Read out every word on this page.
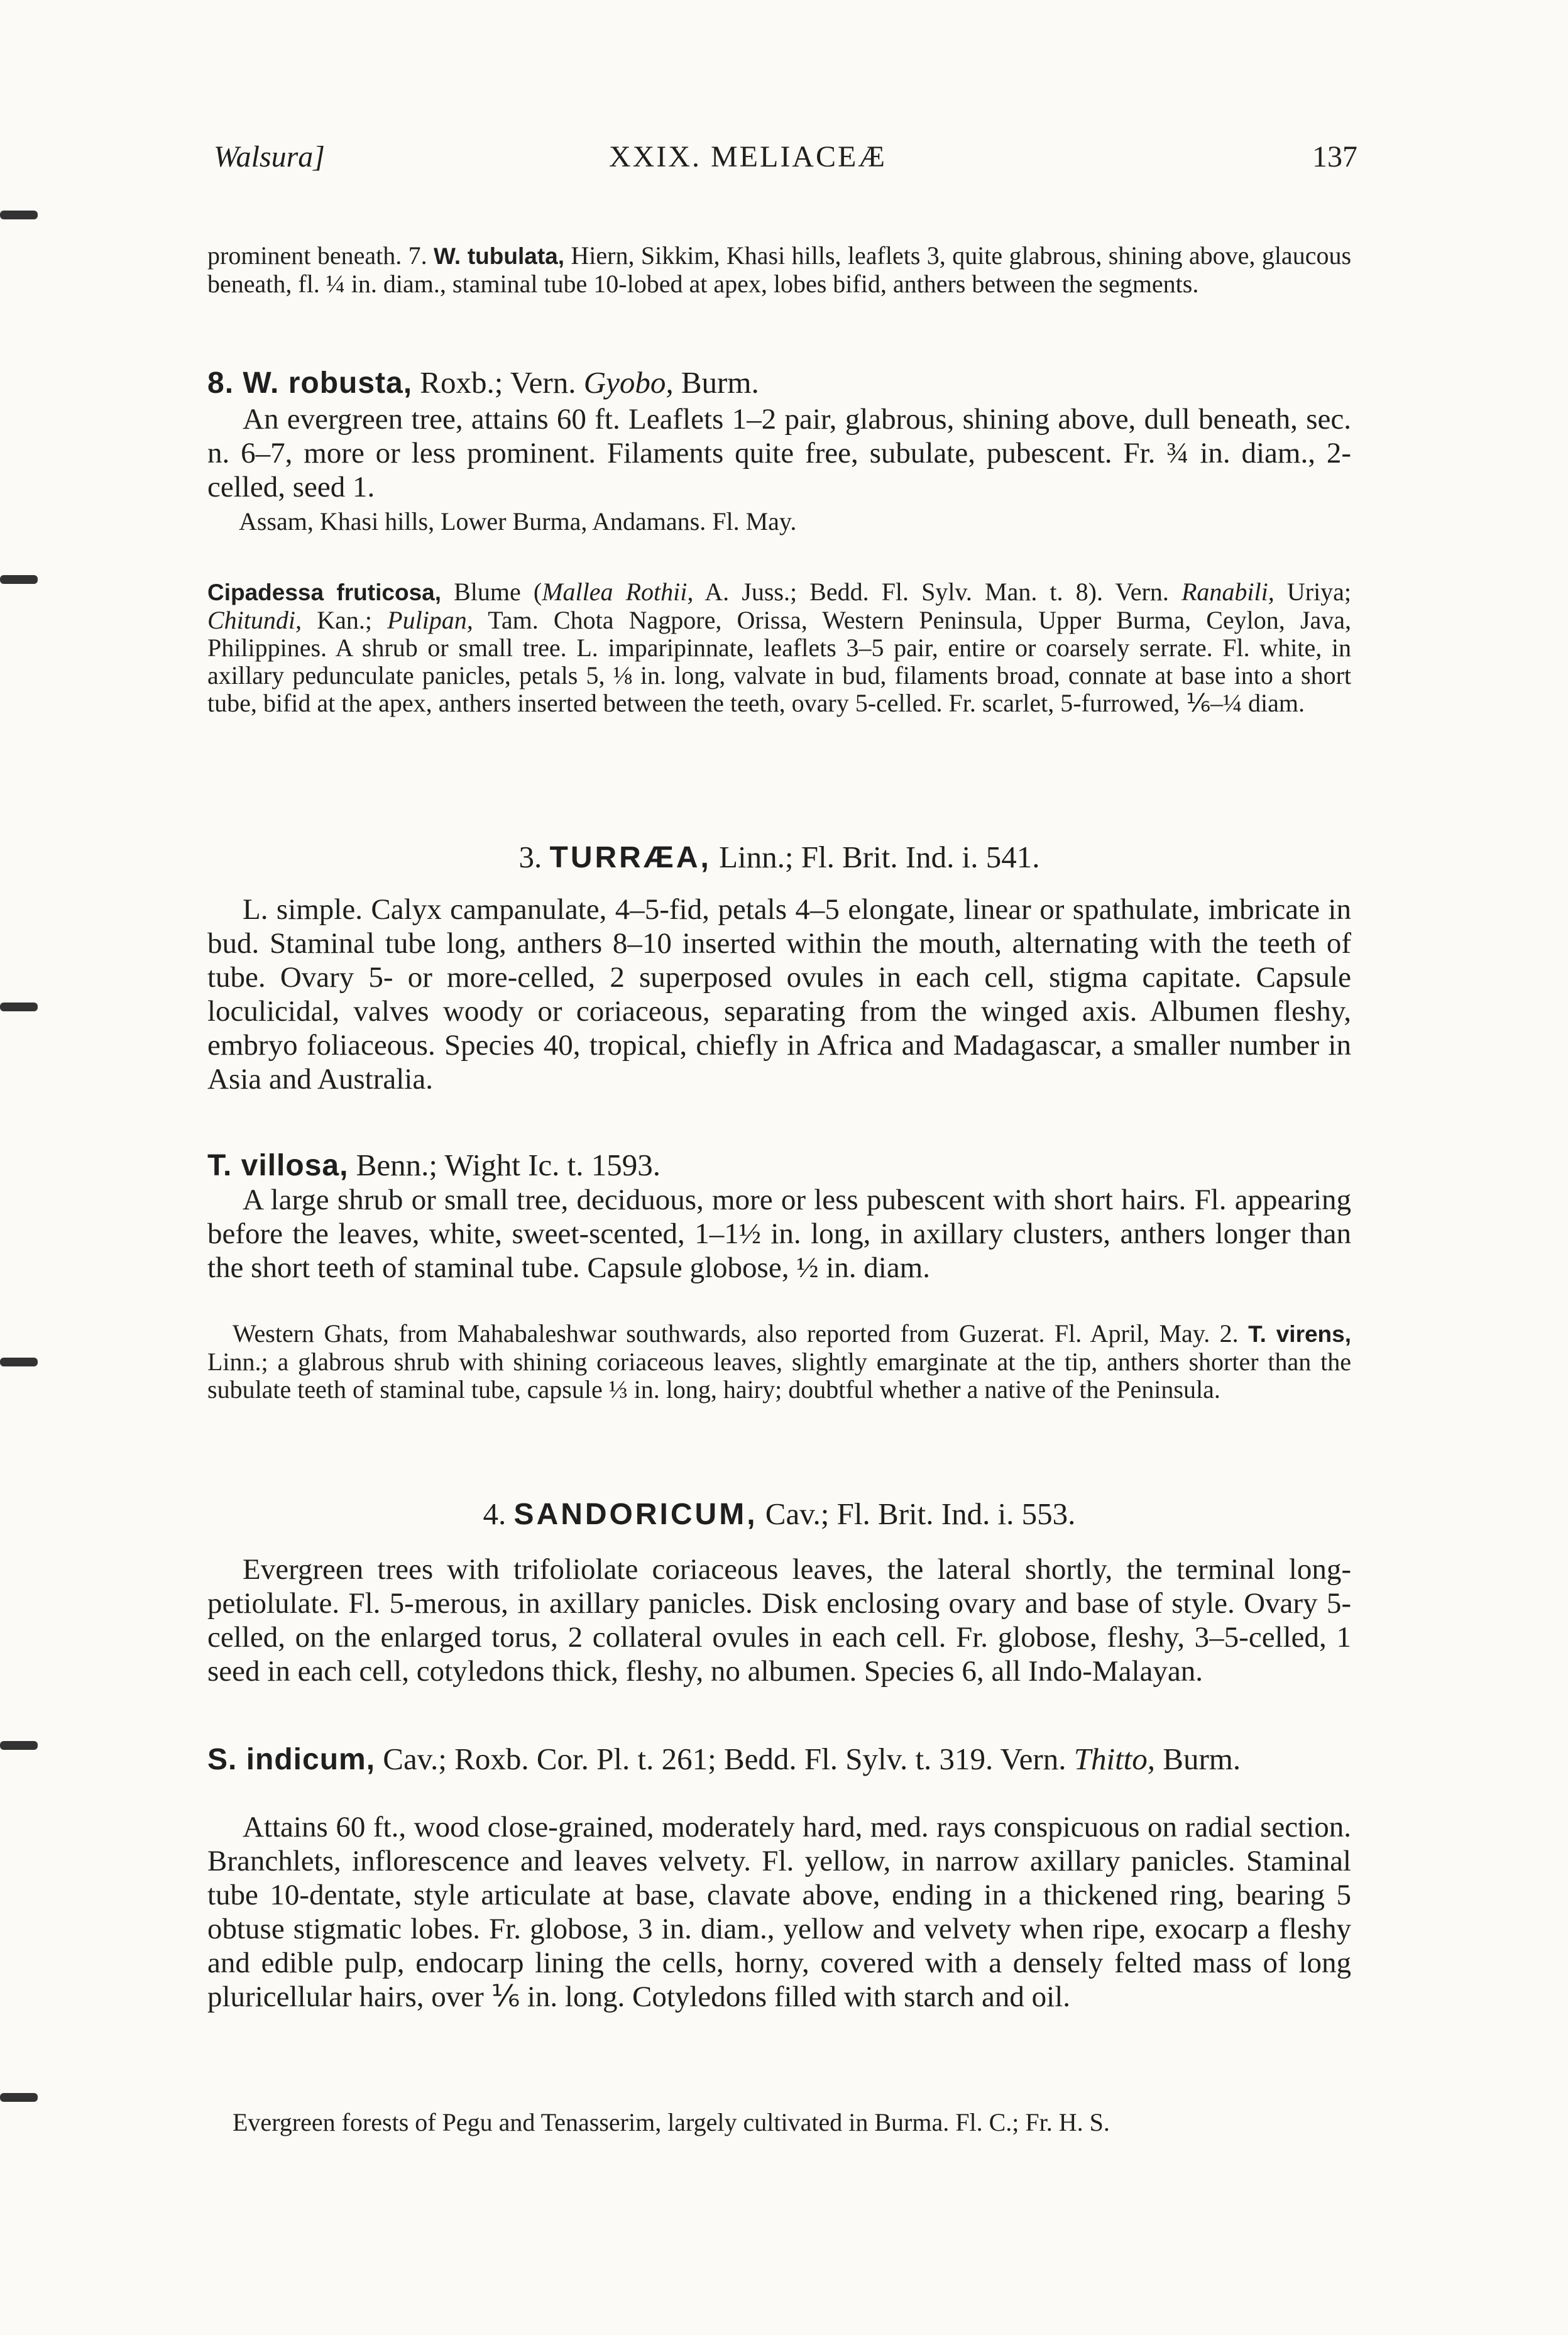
Walsura]	XXIX. MELIACEÆ	137
prominent beneath. 7. W. tubulata, Hiern, Sikkim, Khasi hills, leaflets 3, quite glabrous, shining above, glaucous beneath, fl. ¼ in. diam., staminal tube 10-lobed at apex, lobes bifid, anthers between the segments.
8. W. robusta, Roxb.; Vern. Gyobo, Burm.
An evergreen tree, attains 60 ft. Leaflets 1–2 pair, glabrous, shining above, dull beneath, sec. n. 6–7, more or less prominent. Filaments quite free, subulate, pubescent. Fr. ¾ in. diam., 2-celled, seed 1.
Assam, Khasi hills, Lower Burma, Andamans. Fl. May.
Cipadessa fruticosa, Blume (Mallea Rothii, A. Juss.; Bedd. Fl. Sylv. Man. t. 8). Vern. Ranabili, Uriya; Chitundi, Kan.; Pulipan, Tam. Chota Nagpore, Orissa, Western Peninsula, Upper Burma, Ceylon, Java, Philippines. A shrub or small tree. L. imparipinnate, leaflets 3–5 pair, entire or coarsely serrate. Fl. white, in axillary pedunculate panicles, petals 5, ⅛ in. long, valvate in bud, filaments broad, connate at base into a short tube, bifid at the apex, anthers inserted between the teeth, ovary 5-celled. Fr. scarlet, 5-furrowed, ⅙–¼ diam.
3. TURRÆA, Linn.; Fl. Brit. Ind. i. 541.
L. simple. Calyx campanulate, 4–5-fid, petals 4–5 elongate, linear or spathulate, imbricate in bud. Staminal tube long, anthers 8–10 inserted within the mouth, alternating with the teeth of tube. Ovary 5- or more-celled, 2 superposed ovules in each cell, stigma capitate. Capsule loculicidal, valves woody or coriaceous, separating from the winged axis. Albumen fleshy, embryo foliaceous. Species 40, tropical, chiefly in Africa and Madagascar, a smaller number in Asia and Australia.
T. villosa, Benn.; Wight Ic. t. 1593.
A large shrub or small tree, deciduous, more or less pubescent with short hairs. Fl. appearing before the leaves, white, sweet-scented, 1–1½ in. long, in axillary clusters, anthers longer than the short teeth of staminal tube. Capsule globose, ½ in. diam.
Western Ghats, from Mahabaleshwar southwards, also reported from Guzerat. Fl. April, May. 2. T. virens, Linn.; a glabrous shrub with shining coriaceous leaves, slightly emarginate at the tip, anthers shorter than the subulate teeth of staminal tube, capsule ⅓ in. long, hairy; doubtful whether a native of the Peninsula.
4. SANDORICUM, Cav.; Fl. Brit. Ind. i. 553.
Evergreen trees with trifoliolate coriaceous leaves, the lateral shortly, the terminal long-petiolulate. Fl. 5-merous, in axillary panicles. Disk enclosing ovary and base of style. Ovary 5-celled, on the enlarged torus, 2 collateral ovules in each cell. Fr. globose, fleshy, 3–5-celled, 1 seed in each cell, cotyledons thick, fleshy, no albumen. Species 6, all Indo-Malayan.
S. indicum, Cav.; Roxb. Cor. Pl. t. 261; Bedd. Fl. Sylv. t. 319. Vern. Thitto, Burm.
Attains 60 ft., wood close-grained, moderately hard, med. rays conspicuous on radial section. Branchlets, inflorescence and leaves velvety. Fl. yellow, in narrow axillary panicles. Staminal tube 10-dentate, style articulate at base, clavate above, ending in a thickened ring, bearing 5 obtuse stigmatic lobes. Fr. globose, 3 in. diam., yellow and velvety when ripe, exocarp a fleshy and edible pulp, endocarp lining the cells, horny, covered with a densely felted mass of long pluricellular hairs, over ⅙ in. long. Cotyledons filled with starch and oil.
Evergreen forests of Pegu and Tenasserim, largely cultivated in Burma. Fl. C.; Fr. H. S.
